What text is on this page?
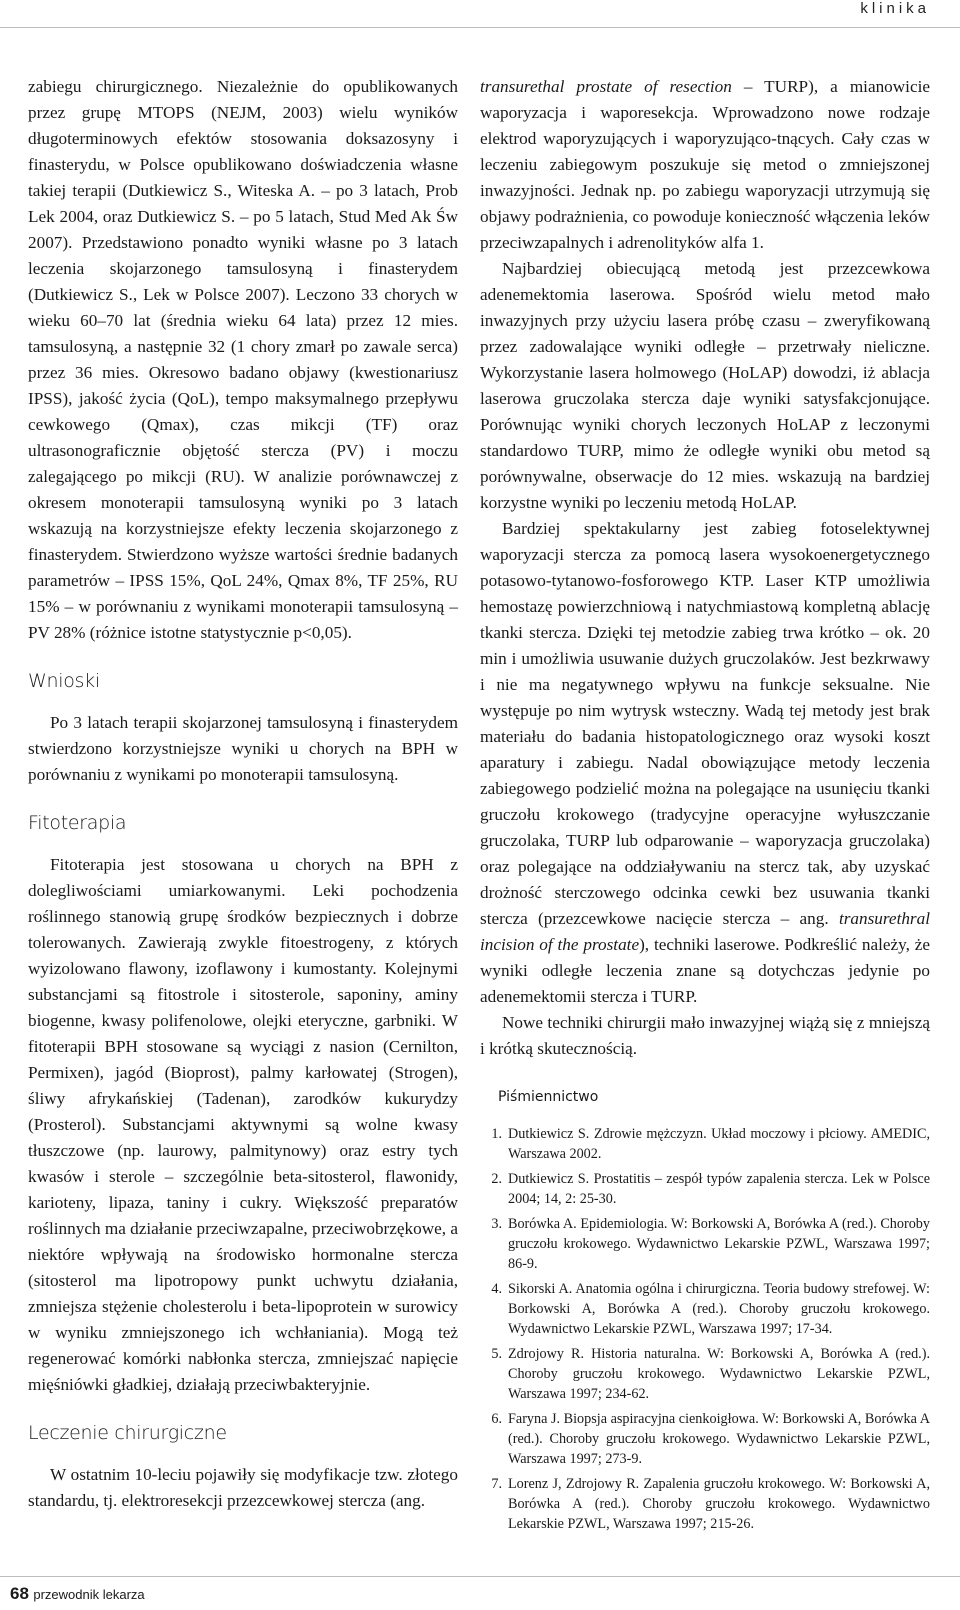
klinika

zabiegu chirurgicznego. Niezależnie do opublikowanych przez grupę MTOPS (NEJM, 2003) wielu wyników długoterminowych efektów stosowania doksazosyny i finasterydu, w Polsce opublikowano doświadczenia własne takiej terapii (Dutkiewicz S., Witeska A. – po 3 latach, Prob Lek 2004, oraz Dutkiewicz S. – po 5 latach, Stud Med Ak Św 2007). Przedstawiono ponadto wyniki własne po 3 latach leczenia skojarzonego tamsulosyną i finasterydem (Dutkiewicz S., Lek w Polsce 2007). Leczono 33 chorych w wieku 60–70 lat (średnia wieku 64 lata) przez 12 mies. tamsulosyną, a następnie 32 (1 chory zmarł po zawale serca) przez 36 mies. Okresowo badano objawy (kwestionariusz IPSS), jakość życia (QoL), tempo maksymalnego przepływu cewkowego (Qmax), czas mikcji (TF) oraz ultrasonograficznie objętość stercza (PV) i moczu zalegającego po mikcji (RU). W analizie porównawczej z okresem monoterapii tamsulosyną wyniki po 3 latach wskazują na korzystniejsze efekty leczenia skojarzonego z finasterydem. Stwierdzono wyższe wartości średnie badanych parametrów – IPSS 15%, QoL 24%, Qmax 8%, TF 25%, RU 15% – w porównaniu z wynikami monoterapii tamsulosyną – PV 28% (różnice istotne statystycznie p<0,05).

Wnioski

Po 3 latach terapii skojarzonej tamsulosyną i finasterydem stwierdzono korzystniejsze wyniki u chorych na BPH w porównaniu z wynikami po monoterapii tamsulosyną.

Fitoterapia

Fitoterapia jest stosowana u chorych na BPH z dolegliwościami umiarkowanymi. Leki pochodzenia roślinnego stanowią grupę środków bezpiecznych i dobrze tolerowanych. Zawierają zwykle fitoestrogeny, z których wyizolowano flawony, izoflawony i kumostanty. Kolejnymi substancjami są fitostrole i sitosterole, saponiny, aminy biogenne, kwasy polifenolowe, olejki eteryczne, garbniki. W fitoterapii BPH stosowane są wyciągi z nasion (Cernilton, Permixen), jagód (Bioprost), palmy karłowatej (Strogen), śliwy afrykańskiej (Tadenan), zarodków kukurydzy (Prosterol). Substancjami aktywnymi są wolne kwasy tłuszczowe (np. laurowy, palmitynowy) oraz estry tych kwasów i sterole – szczególnie beta-sitosterol, flawonidy, karioteny, lipaza, taniny i cukry. Większość preparatów roślinnych ma działanie przeciwzapalne, przeciwobrzękowe, a niektóre wpływają na środowisko hormonalne stercza (sitosterol ma lipotropowy punkt uchwytu działania, zmniejsza stężenie cholesterolu i beta-lipoprotein w surowicy w wyniku zmniejszonego ich wchłaniania). Mogą też regenerować komórki nabłonka stercza, zmniejszać napięcie mięśniówki gładkiej, działają przeciwbakteryjnie.

Leczenie chirurgiczne

W ostatnim 10-leciu pojawiły się modyfikacje tzw. złotego standardu, tj. elektroresekcji przezcewkowej stercza (ang.

transurethal prostate of resection – TURP), a mianowicie waporyzacja i waporesekcja. Wprowadzono nowe rodzaje elektrod waporyzujących i waporyzująco-tnących. Cały czas w leczeniu zabiegowym poszukuje się metod o zmniejszonej inwazyjności. Jednak np. po zabiegu waporyzacji utrzymują się objawy podrażnienia, co powoduje konieczność włączenia leków przeciwzapalnych i adrenolityków alfa 1.

Najbardziej obiecującą metodą jest przezcewkowa adenemektomia laserowa. Spośród wielu metod mało inwazyjnych przy użyciu lasera próbę czasu – zweryfikowaną przez zadowalające wyniki odległe – przetrwały nieliczne. Wykorzystanie lasera holmowego (HoLAP) dowodzi, iż ablacja laserowa gruczolaka stercza daje wyniki satysfakcjonujące. Porównując wyniki chorych leczonych HoLAP z leczonymi standardowo TURP, mimo że odległe wyniki obu metod są porównywalne, obserwacje do 12 mies. wskazują na bardziej korzystne wyniki po leczeniu metodą HoLAP.

Bardziej spektakularny jest zabieg fotoselektywnej waporyzacji stercza za pomocą lasera wysokoenergetycznego potasowo-tytanowo-fosforowego KTP. Laser KTP umożliwia hemostazę powierzchniową i natychmiastową kompletną ablację tkanki stercza. Dzięki tej metodzie zabieg trwa krótko – ok. 20 min i umożliwia usuwanie dużych gruczolaków. Jest bezkrwawy i nie ma negatywnego wpływu na funkcje seksualne. Nie występuje po nim wytrysk wsteczny. Wadą tej metody jest brak materiału do badania histopatologicznego oraz wysoki koszt aparatury i zabiegu. Nadal obowiązujące metody leczenia zabiegowego podzielić można na polegające na usunięciu tkanki gruczołu krokowego (tradycyjne operacyjne wyłuszczanie gruczolaka, TURP lub odparowanie – waporyzacja gruczolaka) oraz polegające na oddziaływaniu na stercz tak, aby uzyskać drożność sterczowego odcinka cewki bez usuwania tkanki stercza (przezcewkowe nacięcie stercza – ang. transurethral incision of the prostate), techniki laserowe. Podkreślić należy, że wyniki odległe leczenia znane są dotychczas jedynie po adenemektomii stercza i TURP.

Nowe techniki chirurgii mało inwazyjnej wiążą się z mniejszą i krótką skutecznością.

Piśmiennictwo
1. Dutkiewicz S. Zdrowie mężczyzn. Układ moczowy i płciowy. AMEDIC, Warszawa 2002.
2. Dutkiewicz S. Prostatitis – zespół typów zapalenia stercza. Lek w Polsce 2004; 14, 2: 25-30.
3. Borówka A. Epidemiologia. W: Borkowski A, Borówka A (red.). Choroby gruczołu krokowego. Wydawnictwo Lekarskie PZWL, Warszawa 1997; 86-9.
4. Sikorski A. Anatomia ogólna i chirurgiczna. Teoria budowy strefowej. W: Borkowski A, Borówka A (red.). Choroby gruczołu krokowego. Wydawnictwo Lekarskie PZWL, Warszawa 1997; 17-34.
5. Zdrojowy R. Historia naturalna. W: Borkowski A, Borówka A (red.). Choroby gruczołu krokowego. Wydawnictwo Lekarskie PZWL, Warszawa 1997; 234-62.
6. Faryna J. Biopsja aspiracyjna cienkoigłowa. W: Borkowski A, Borówka A (red.). Choroby gruczołu krokowego. Wydawnictwo Lekarskie PZWL, Warszawa 1997; 273-9.
7. Lorenz J, Zdrojowy R. Zapalenia gruczołu krokowego. W: Borkowski A, Borówka A (red.). Choroby gruczołu krokowego. Wydawnictwo Lekarskie PZWL, Warszawa 1997; 215-26.
68 przewodnik lekarza
